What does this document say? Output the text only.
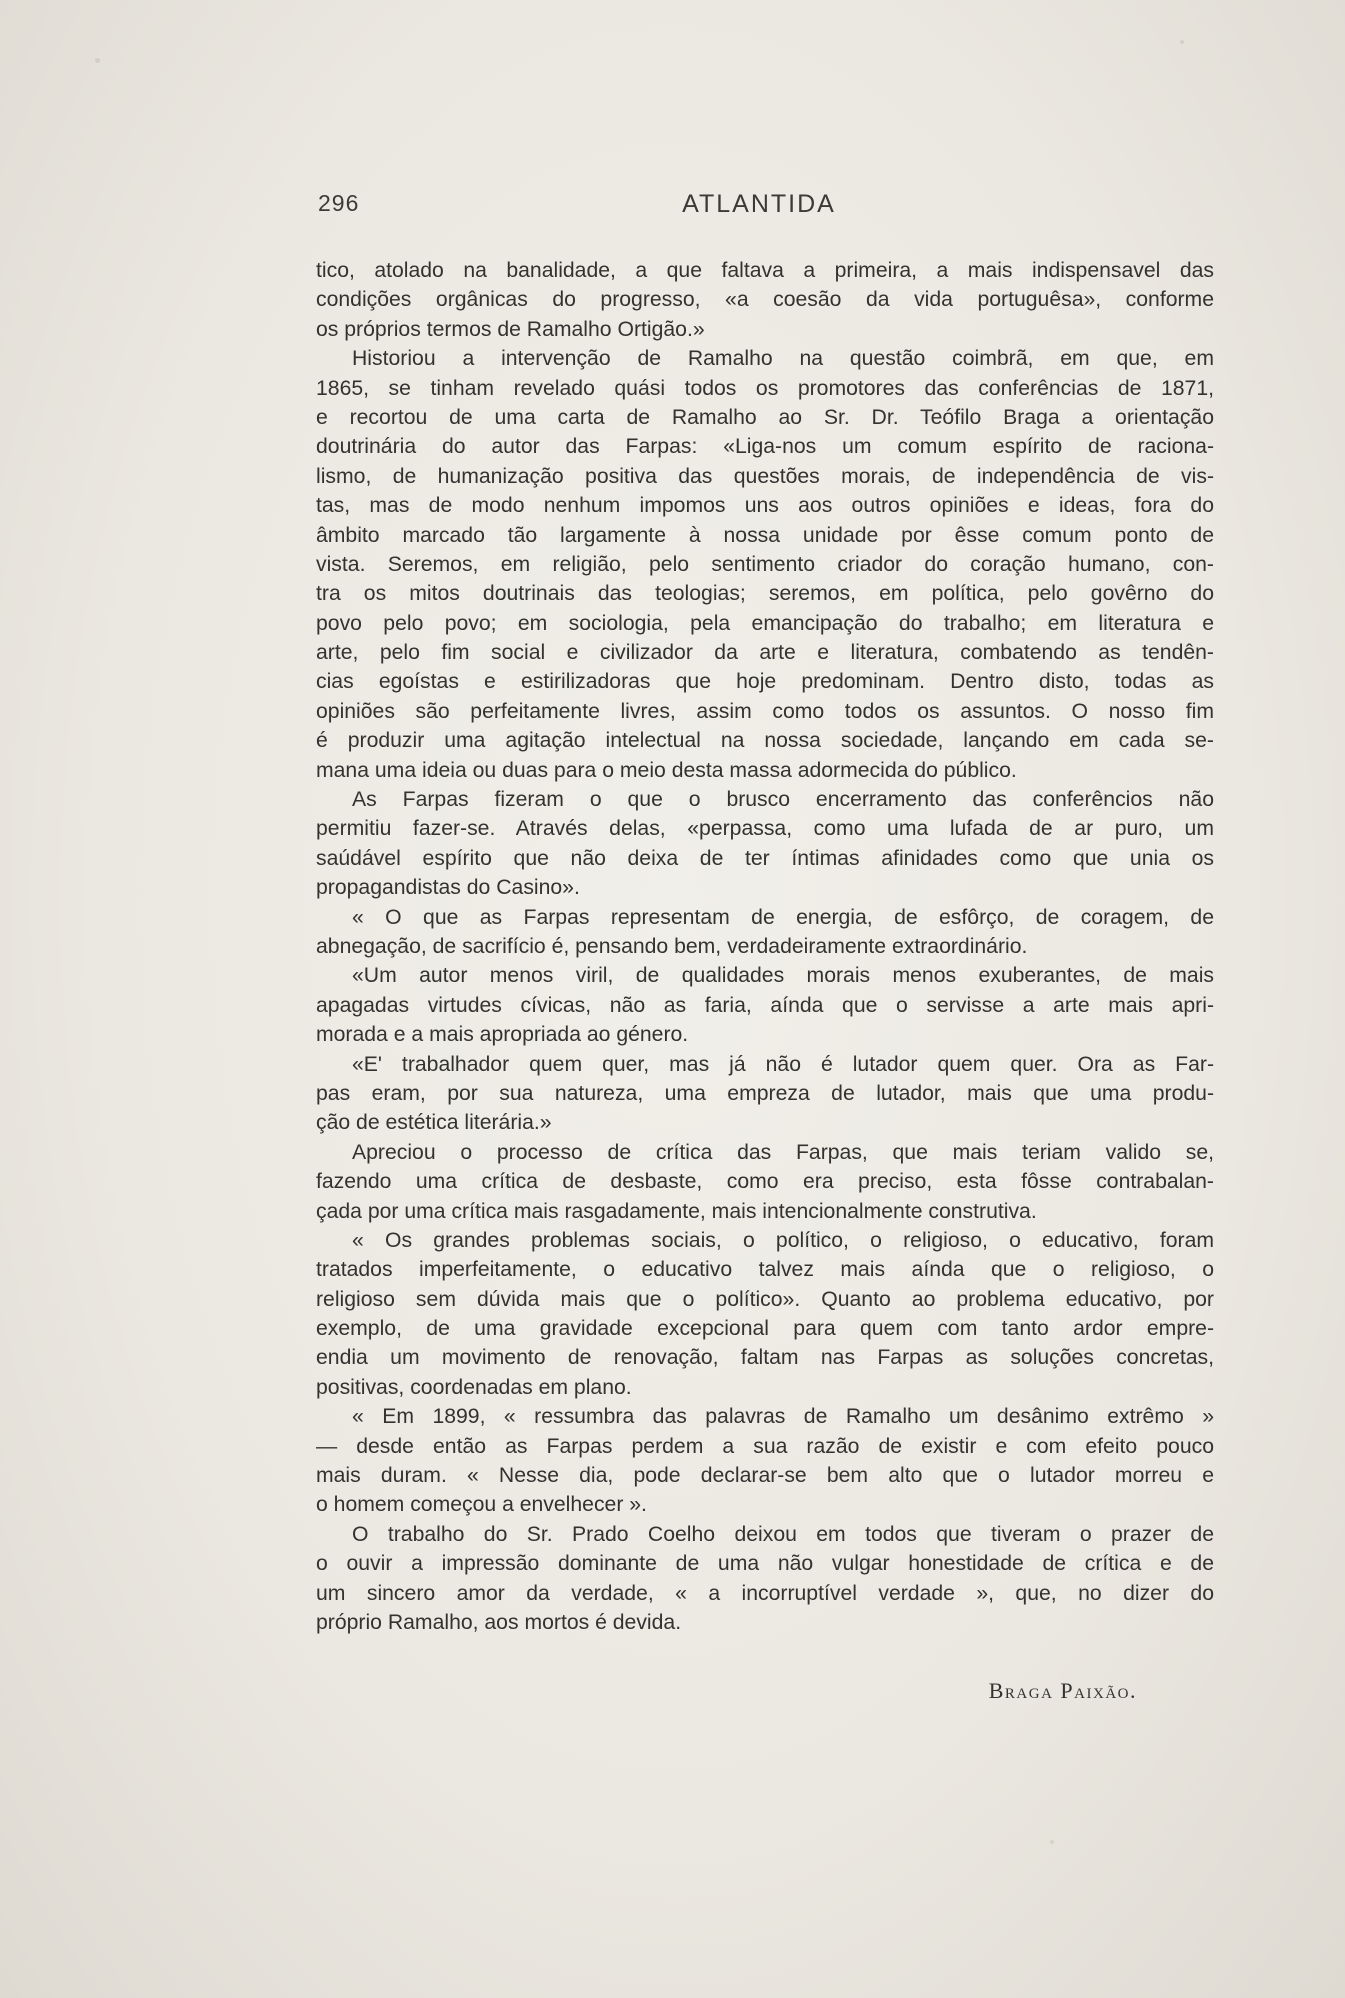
296	ATLANTIDA
tico, atolado na banalidade, a que faltava a primeira, a mais indispensavel das
condições orgânicas do progresso, «a coesão da vida portuguêsa», conforme
os próprios termos de Ramalho Ortigão.»
Historiou a intervenção de Ramalho na questão coimbrã, em que, em
1865, se tinham revelado quási todos os promotores das conferências de 1871,
e recortou de uma carta de Ramalho ao Sr. Dr. Teófilo Braga a orientação
doutrinária do autor das Farpas: «Liga-nos um comum espírito de raciona-
lismo, de humanização positiva das questões morais, de independência de vis-
tas, mas de modo nenhum impomos uns aos outros opiniões e ideas, fora do
âmbito marcado tão largamente à nossa unidade por êsse comum ponto de
vista. Seremos, em religião, pelo sentimento criador do coração humano, con-
tra os mitos doutrinais das teologias; seremos, em política, pelo govêrno do
povo pelo povo; em sociologia, pela emancipação do trabalho; em literatura e
arte, pelo fim social e civilizador da arte e literatura, combatendo as tendên-
cias egoístas e estirilizadoras que hoje predominam. Dentro disto, todas as
opiniões são perfeitamente livres, assim como todos os assuntos. O nosso fim
é produzir uma agitação intelectual na nossa sociedade, lançando em cada se-
mana uma ideia ou duas para o meio desta massa adormecida do público.
As Farpas fizeram o que o brusco encerramento das conferêncios não
permitiu fazer-se. Através delas, «perpassa, como uma lufada de ar puro, um
saúdável espírito que não deixa de ter íntimas afinidades como que unia os
propagandistas do Casino».
« O que as Farpas representam de energia, de esfôrço, de coragem, de
abnegação, de sacrifício é, pensando bem, verdadeiramente extraordinário.
«Um autor menos viril, de qualidades morais menos exuberantes, de mais
apagadas virtudes cívicas, não as faria, aínda que o servisse a arte mais apri-
morada e a mais apropriada ao género.
«E' trabalhador quem quer, mas já não é lutador quem quer. Ora as Far-
pas eram, por sua natureza, uma empreza de lutador, mais que uma produ-
ção de estética literária.»
Apreciou o processo de crítica das Farpas, que mais teriam valido se,
fazendo uma crítica de desbaste, como era preciso, esta fôsse contrabalan-
çada por uma crítica mais rasgadamente, mais intencionalmente construtiva.
« Os grandes problemas sociais, o político, o religioso, o educativo, foram
tratados imperfeitamente, o educativo talvez mais aínda que o religioso, o
religioso sem dúvida mais que o político». Quanto ao problema educativo, por
exemplo, de uma gravidade excepcional para quem com tanto ardor empre-
endia um movimento de renovação, faltam nas Farpas as soluções concretas,
positivas, coordenadas em plano.
« Em 1899, « ressumbra das palavras de Ramalho um desânimo extrêmo »
— desde então as Farpas perdem a sua razão de existir e com efeito pouco
mais duram. « Nesse dia, pode declarar-se bem alto que o lutador morreu e
o homem começou a envelhecer ».
O trabalho do Sr. Prado Coelho deixou em todos que tiveram o prazer de
o ouvir a impressão dominante de uma não vulgar honestidade de crítica e de
um sincero amor da verdade, « a incorruptível verdade », que, no dizer do
próprio Ramalho, aos mortos é devida.
Braga Paixão.
